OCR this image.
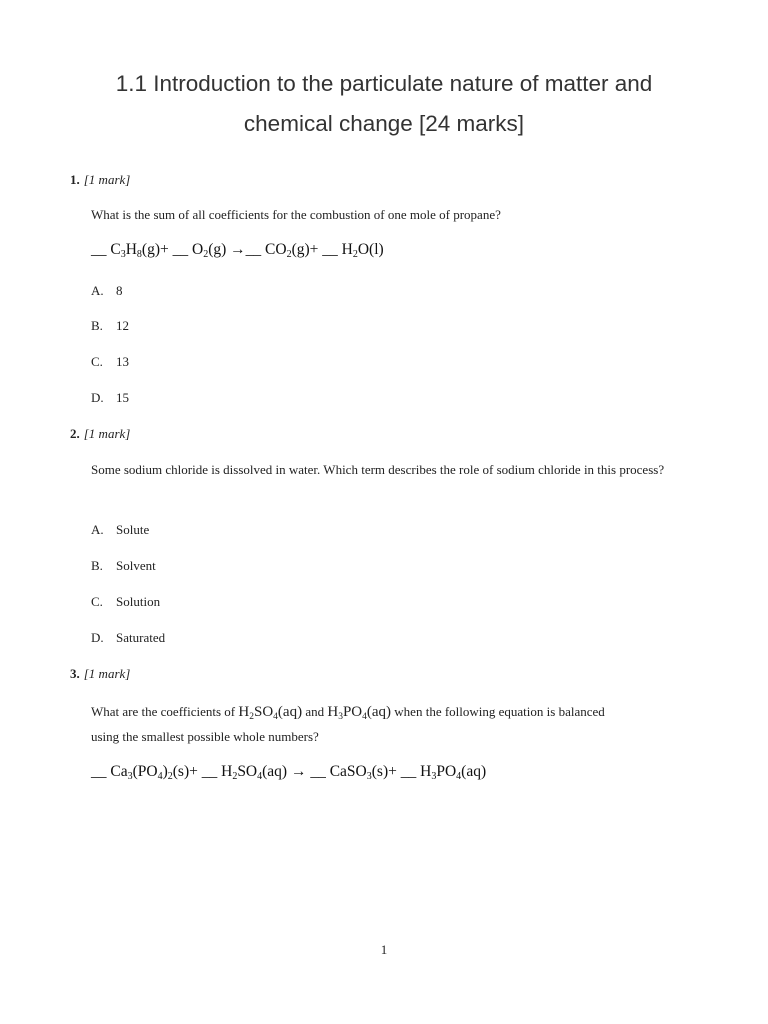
1.1 Introduction to the particulate nature of matter and
chemical change [24 marks]
1. [1 mark]
What is the sum of all coefficients for the combustion of one mole of propane?
__ $C_3H_8(g)+$ __ $O_2(g)$ →__ $CO_2(g)+$ __ $H_2O(l)$
A. 8
B. 12
C. 13
D. 15
2. [1 mark]
Some sodium chloride is dissolved in water. Which term describes the role of sodium chloride in this process?
A. Solute
B. Solvent
C. Solution
D. Saturated
3. [1 mark]
What are the coefficients of $H_2SO_4(aq)$ and $H_3PO_4(aq)$ when the following equation is balanced
using the smallest possible whole numbers?
__ $Ca_3(PO_4)_2(s)+$ __ $H_2SO_4(aq)$ → __ CaSO$_3$(s)+ __ $H_3PO_4(aq)$
1
